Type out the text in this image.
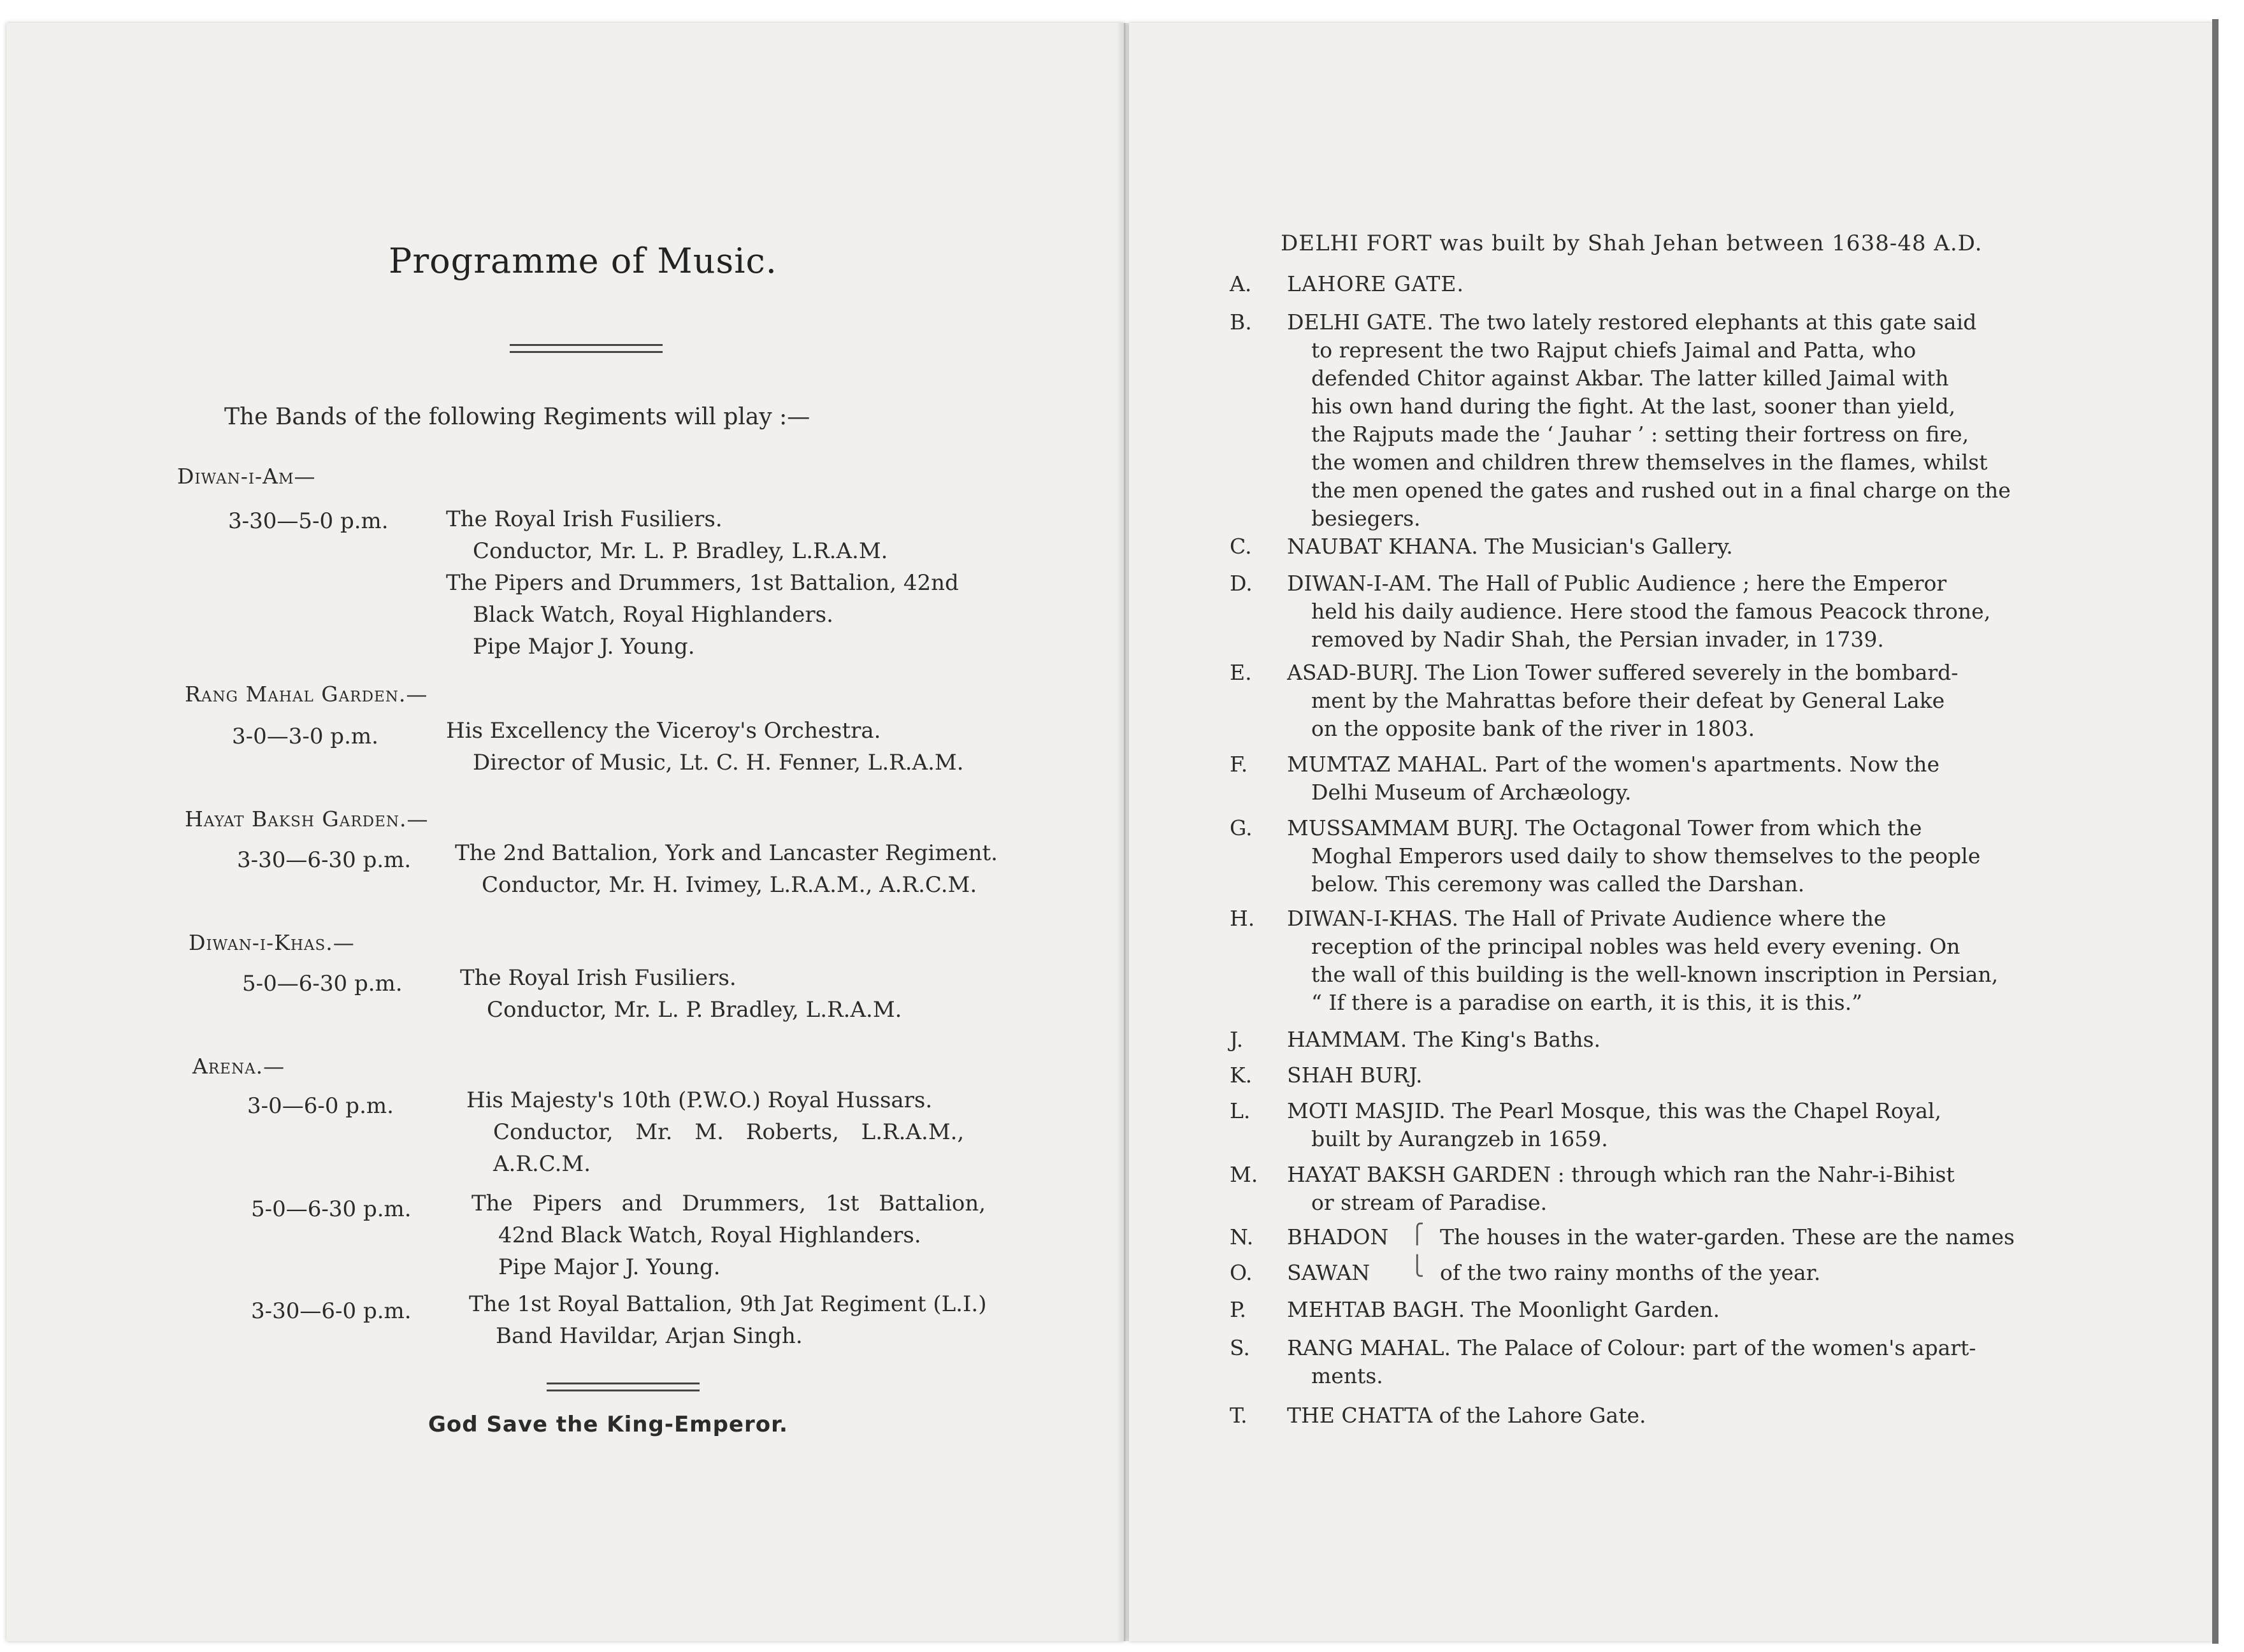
Programme of Music.
The Bands of the following Regiments will play :—
Diwan-i-Am—
3-30—5-0 p.m.	The Royal Irish Fusiliers.
Conductor, Mr. L. P. Bradley, L.R.A.M.
The Pipers and Drummers, 1st Battalion, 42nd
Black Watch, Royal Highlanders.
Pipe Major J. Young.
Rang Mahal Garden.—
3-0—3-0 p.m.	His Excellency the Viceroy's Orchestra.
Director of Music, Lt. C. H. Fenner, L.R.A.M.
Hayat Baksh Garden.—
3-30—6-30 p.m. The 2nd Battalion, York and Lancaster Regiment.
Conductor, Mr. H. Ivimey, L.R.A.M., A.R.C.M.
Diwan-i-Khas.—
5-0—6-30 p.m.	The Royal Irish Fusiliers.
Conductor, Mr. L. P. Bradley, L.R.A.M.
Arena.—
3-0—6-0 p.m.	His Majesty's 10th (P.W.O.) Royal Hussars.
Conductor, Mr. M. Roberts, L.R.A.M.,
A.R.C.M.
5-0—6-30 p.m.	The Pipers and Drummers, 1st Battalion,
42nd Black Watch, Royal Highlanders.
Pipe Major J. Young.
3-30—6-0 p.m.	The 1st Royal Battalion, 9th Jat Regiment (L.I.)
Band Havildar, Arjan Singh.
God Save the King-Emperor.
DELHI FORT was built by Shah Jehan between 1638-48 A.D.
A.	LAHORE GATE.
B.	DELHI GATE. The two lately restored elephants at this gate said
to represent the two Rajput chiefs Jaimal and Patta, who
defended Chitor against Akbar. The latter killed Jaimal with
his own hand during the fight. At the last, sooner than yield,
the Rajputs made the ‘ Jauhar ’ : setting their fortress on fire,
the women and children threw themselves in the flames, whilst
the men opened the gates and rushed out in a final charge on the
besiegers.
C.	NAUBAT KHANA. The Musician's Gallery.
D.	DIWAN-I-AM. The Hall of Public Audience ; here the Emperor
held his daily audience. Here stood the famous Peacock throne,
removed by Nadir Shah, the Persian invader, in 1739.
E.	ASAD-BURJ. The Lion Tower suffered severely in the bombard-
ment by the Mahrattas before their defeat by General Lake
on the opposite bank of the river in 1803.
F.	MUMTAZ MAHAL. Part of the women's apartments. Now the
Delhi Museum of Archæology.
G.	MUSSAMMAM BURJ. The Octagonal Tower from which the
Moghal Emperors used daily to show themselves to the people
below. This ceremony was called the Darshan.
H.	DIWAN-I-KHAS. The Hall of Private Audience where the
reception of the principal nobles was held every evening. On
the wall of this building is the well-known inscription in Persian,
“ If there is a paradise on earth, it is this, it is this.”
J.	HAMMAM. The King's Baths.
K.	SHAH BURJ.
L.	MOTI MASJID. The Pearl Mosque, this was the Chapel Royal,
built by Aurangzeb in 1659.
M.	HAYAT BAKSH GARDEN : through which ran the Nahr-i-Bihist
or stream of Paradise.
N.	BHADON
O.	SAWAN
⎧
⎩
The houses in the water-garden. These are the names
of the two rainy months of the year.
P.	MEHTAB BAGH. The Moonlight Garden.
S.	RANG MAHAL. The Palace of Colour: part of the women's apart-
ments.
T.	THE CHATTA of the Lahore Gate.
